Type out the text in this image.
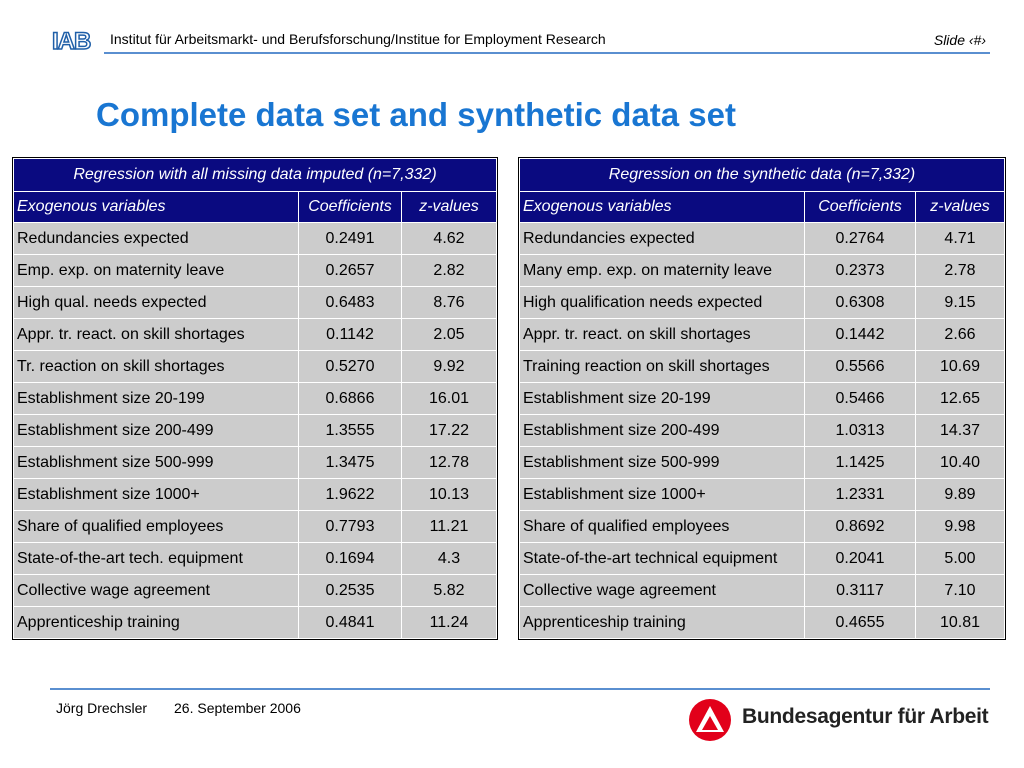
IAB Institut für Arbeitsmarkt- und Berufsforschung/Institue for Employment Research	Slide ‹#›
Complete data set and synthetic data set
Regression with all missing data imputed (n=7,332)		
Exogenous variables	Coefficients	z-values
Redundancies expected	0.2491	4.62
Emp. exp. on maternity leave	0.2657	2.82
High qual. needs expected	0.6483	8.76
Appr. tr. react. on skill shortages	0.1142	2.05
Tr. reaction on skill shortages	0.5270	9.92
Establishment size 20-199	0.6866	16.01
Establishment size 200-499	1.3555	17.22
Establishment size 500-999	1.3475	12.78
Establishment size 1000+	1.9622	10.13
Share of qualified employees	0.7793	11.21
State-of-the-art tech. equipment	0.1694	4.3
Collective wage agreement	0.2535	5.82
Apprenticeship training	0.4841	11.24
Regression on the synthetic data (n=7,332)		
Exogenous variables	Coefficients	z-values
Redundancies expected	0.2764	4.71
Many emp. exp. on maternity leave	0.2373	2.78
High qualification needs expected	0.6308	9.15
Appr. tr. react. on skill shortages	0.1442	2.66
Training reaction on skill shortages	0.5566	10.69
Establishment size 20-199	0.5466	12.65
Establishment size 200-499	1.0313	14.37
Establishment size 500-999	1.1425	10.40
Establishment size 1000+	1.2331	9.89
Share of qualified employees	0.8692	9.98
State-of-the-art technical equipment	0.2041	5.00
Collective wage agreement	0.3117	7.10
Apprenticeship training	0.4655	10.81
Jörg Drechsler 26. September 2006	Bundesagentur für Arbeit
